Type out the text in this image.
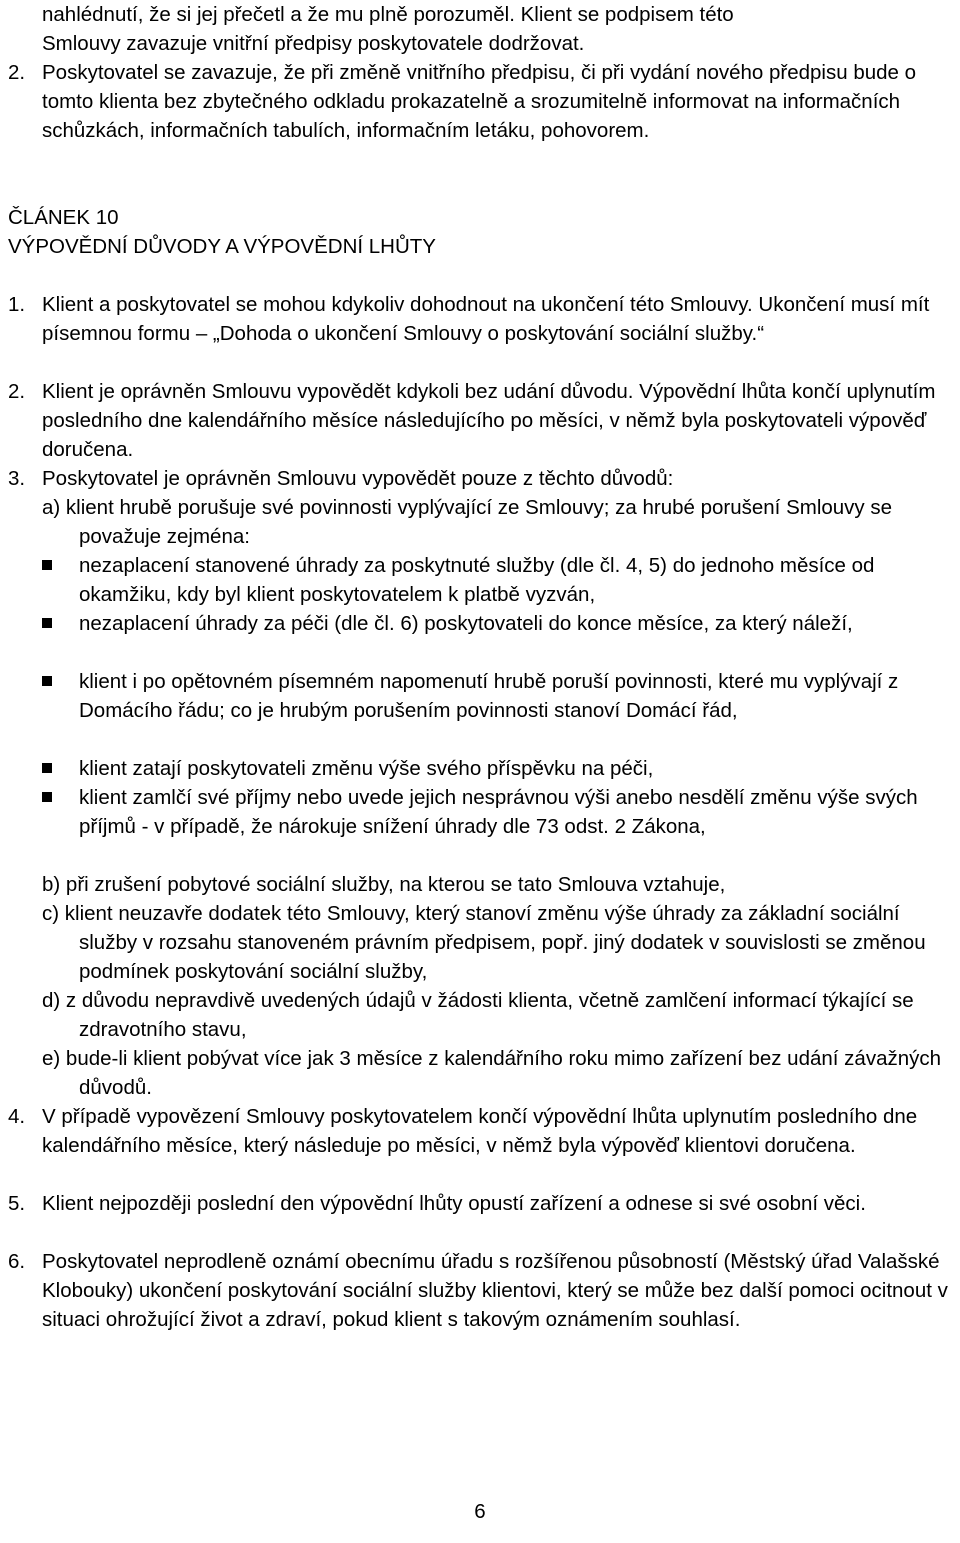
nahlédnutí, že si jej přečetl a že mu plně porozuměl. Klient se podpisem této
Smlouvy zavazuje vnitřní předpisy poskytovatele dodržovat.
2. Poskytovatel se zavazuje, že při změně vnitřního předpisu, či při vydání nového předpisu bude o tomto klienta bez zbytečného odkladu prokazatelně a srozumitelně informovat na informačních schůzkách, informačních tabulích, informačním letáku, pohovorem.
ČLÁNEK 10
VÝPOVĚDNÍ DŮVODY A VÝPOVĚDNÍ LHŮTY
1. Klient a poskytovatel se mohou kdykoliv dohodnout na ukončení této Smlouvy. Ukončení musí mít písemnou formu – „Dohoda o ukončení Smlouvy o poskytování sociální služby.“
2. Klient je oprávněn Smlouvu vypovědět kdykoli bez udání důvodu. Výpovědní lhůta končí uplynutím posledního dne kalendářního měsíce následujícího po měsíci, v němž byla poskytovateli výpověď doručena.
3. Poskytovatel je oprávněn Smlouvu vypovědět pouze z těchto důvodů:
a) klient hrubě porušuje své povinnosti vyplývající ze Smlouvy; za hrubé porušení Smlouvy se považuje zejména:
nezaplacení stanovené úhrady za poskytnuté služby (dle čl. 4, 5) do jednoho měsíce od okamžiku, kdy byl klient poskytovatelem k platbě vyzván,
nezaplacení úhrady za péči (dle čl. 6) poskytovateli do konce měsíce, za který náleží,
klient i po opětovném písemném napomenutí hrubě poruší povinnosti, které mu vyplývají z Domácího řádu; co je hrubým porušením povinnosti stanoví Domácí řád,
klient zatají poskytovateli změnu výše svého příspěvku na péči,
klient zamlčí své příjmy nebo uvede jejich nesprávnou výši anebo nesdělí změnu výše svých příjmů - v případě, že nárokuje snížení úhrady dle 73 odst. 2 Zákona,
b) při zrušení pobytové sociální služby, na kterou se tato Smlouva vztahuje,
c) klient neuzavře dodatek této Smlouvy, který stanoví změnu výše úhrady za základní sociální služby v rozsahu stanoveném právním předpisem, popř. jiný dodatek v souvislosti se změnou podmínek poskytování sociální služby,
d) z důvodu nepravdivě uvedených údajů v žádosti klienta, včetně zamlčení informací týkající se zdravotního stavu,
e) bude-li klient pobývat více jak 3 měsíce z kalendářního roku mimo zařízení bez udání závažných důvodů.
4. V případě vypovězení Smlouvy poskytovatelem končí výpovědní lhůta uplynutím posledního dne kalendářního měsíce, který následuje po měsíci, v němž byla výpověď klientovi doručena.
5. Klient nejpozději poslední den výpovědní lhůty opustí zařízení a odnese si své osobní věci.
6. Poskytovatel neprodleně oznámí obecnímu úřadu s rozšířenou působností (Městský úřad Valašské Klobouky) ukončení poskytování sociální služby klientovi, který se může bez další pomoci ocitnout v situaci ohrožující život a zdraví, pokud klient s takovým oznámením souhlasí.
6
